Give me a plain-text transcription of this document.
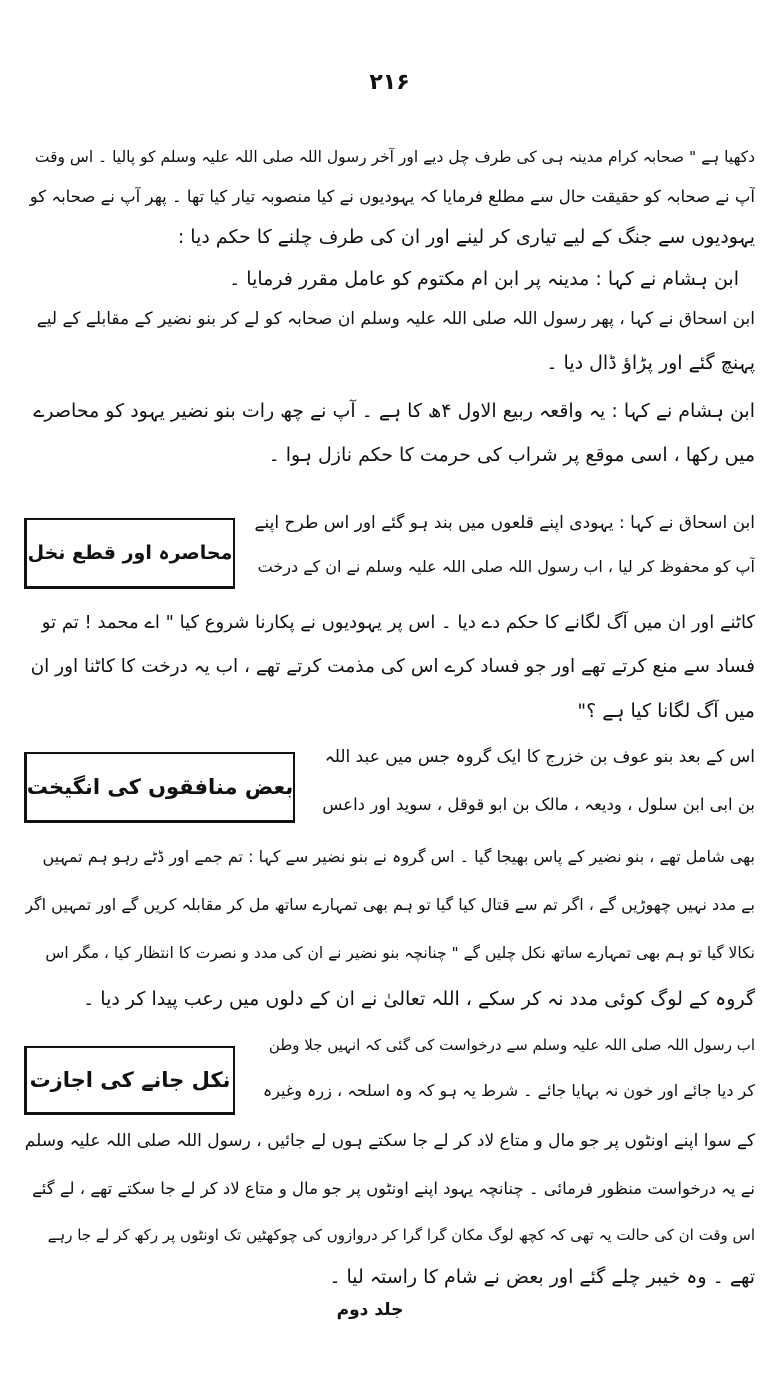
۲۱۶
دکھیا ہے " صحابہ کرام مدینہ ہی کی طرف چل دیے اور آخر رسول اللہ صلی اللہ علیہ وسلم کو پالیا ۔ اس وقت
آپ نے صحابہ کو حقیقت حال سے مطلع فرمایا کہ یہودیوں نے کیا منصوبہ تیار کیا تھا ۔ پھر آپ نے صحابہ کو
یہودیوں سے جنگ کے لیے تیاری کر لینے اور ان کی طرف چلنے کا حکم دیا :
ابن ہشام نے کہا : مدینہ پر ابن ام مکتوم کو عامل مقرر فرمایا ۔
ابن اسحاق نے کہا ، پھر رسول اللہ صلی اللہ علیہ وسلم ان صحابہ کو لے کر بنو نضیر کے مقابلے کے لیے
پہنچ گئے اور پڑاؤ ڈال دیا ۔
ابن ہشام نے کہا : یہ واقعہ ربیع الاول ۴ھ کا ہے ۔ آپ نے چھ رات بنو نضیر یہود کو محاصرے
میں رکھا ، اسی موقع پر شراب کی حرمت کا حکم نازل ہوا ۔
محاصرہ اور قطع نخل
ابن اسحاق نے کہا : یہودی اپنے قلعوں میں بند ہو گئے اور اس طرح اپنے
آپ کو محفوظ کر لیا ، اب رسول اللہ صلی اللہ علیہ وسلم نے ان کے درخت
کاٹنے اور ان میں آگ لگانے کا حکم دے دیا ۔ اس پر یہودیوں نے پکارنا شروع کیا " اے محمد ! تم تو
فساد سے منع کرتے تھے اور جو فساد کرے اس کی مذمت کرتے تھے ، اب یہ درخت کا کاٹنا اور ان
میں آگ لگانا کیا ہے ؟"
بعض منافقوں کی انگیخت
اس کے بعد بنو عوف بن خزرج کا ایک گروہ جس میں عبد اللہ
بن ابی ابن سلول ، ودیعہ ، مالک بن ابو قوقل ، سوید اور داعس
بھی شامل تھے ، بنو نضیر کے پاس بھیجا گیا ۔ اس گروہ نے بنو نضیر سے کہا : تم جمے اور ڈٹے رہو ہم تمہیں
بے مدد نہیں چھوڑیں گے ، اگر تم سے قتال کیا گیا تو ہم بھی تمہارے ساتھ مل کر مقابلہ کریں گے اور تمہیں اگر
نکالا گیا تو ہم بھی تمہارے ساتھ نکل چلیں گے " چنانچہ بنو نضیر نے ان کی مدد و نصرت کا انتظار کیا ، مگر اس
گروہ کے لوگ کوئی مدد نہ کر سکے ، اللہ تعالیٰ نے ان کے دلوں میں رعب پیدا کر دیا ۔
نکل جانے کی اجازت
اب رسول اللہ صلی اللہ علیہ وسلم سے درخواست کی گئی کہ انہیں جلا وطن
کر دیا جائے اور خون نہ بہایا جائے ۔ شرط یہ ہو کہ وہ اسلحہ ، زرہ وغیرہ
کے سوا اپنے اونٹوں پر جو مال و متاع لاد کر لے جا سکتے ہوں لے جائیں ، رسول اللہ صلی اللہ علیہ وسلم
نے یہ درخواست منظور فرمائی ۔ چنانچہ یہود اپنے اونٹوں پر جو مال و متاع لاد کر لے جا سکتے تھے ، لے گئے
اس وقت ان کی حالت یہ تھی کہ کچھ لوگ مکان گرا گرا کر دروازوں کی چوکھٹیں تک اونٹوں پر رکھ کر لے جا رہے
تھے ۔ وہ خیبر چلے گئے اور بعض نے شام کا راستہ لیا ۔
جلد دوم
